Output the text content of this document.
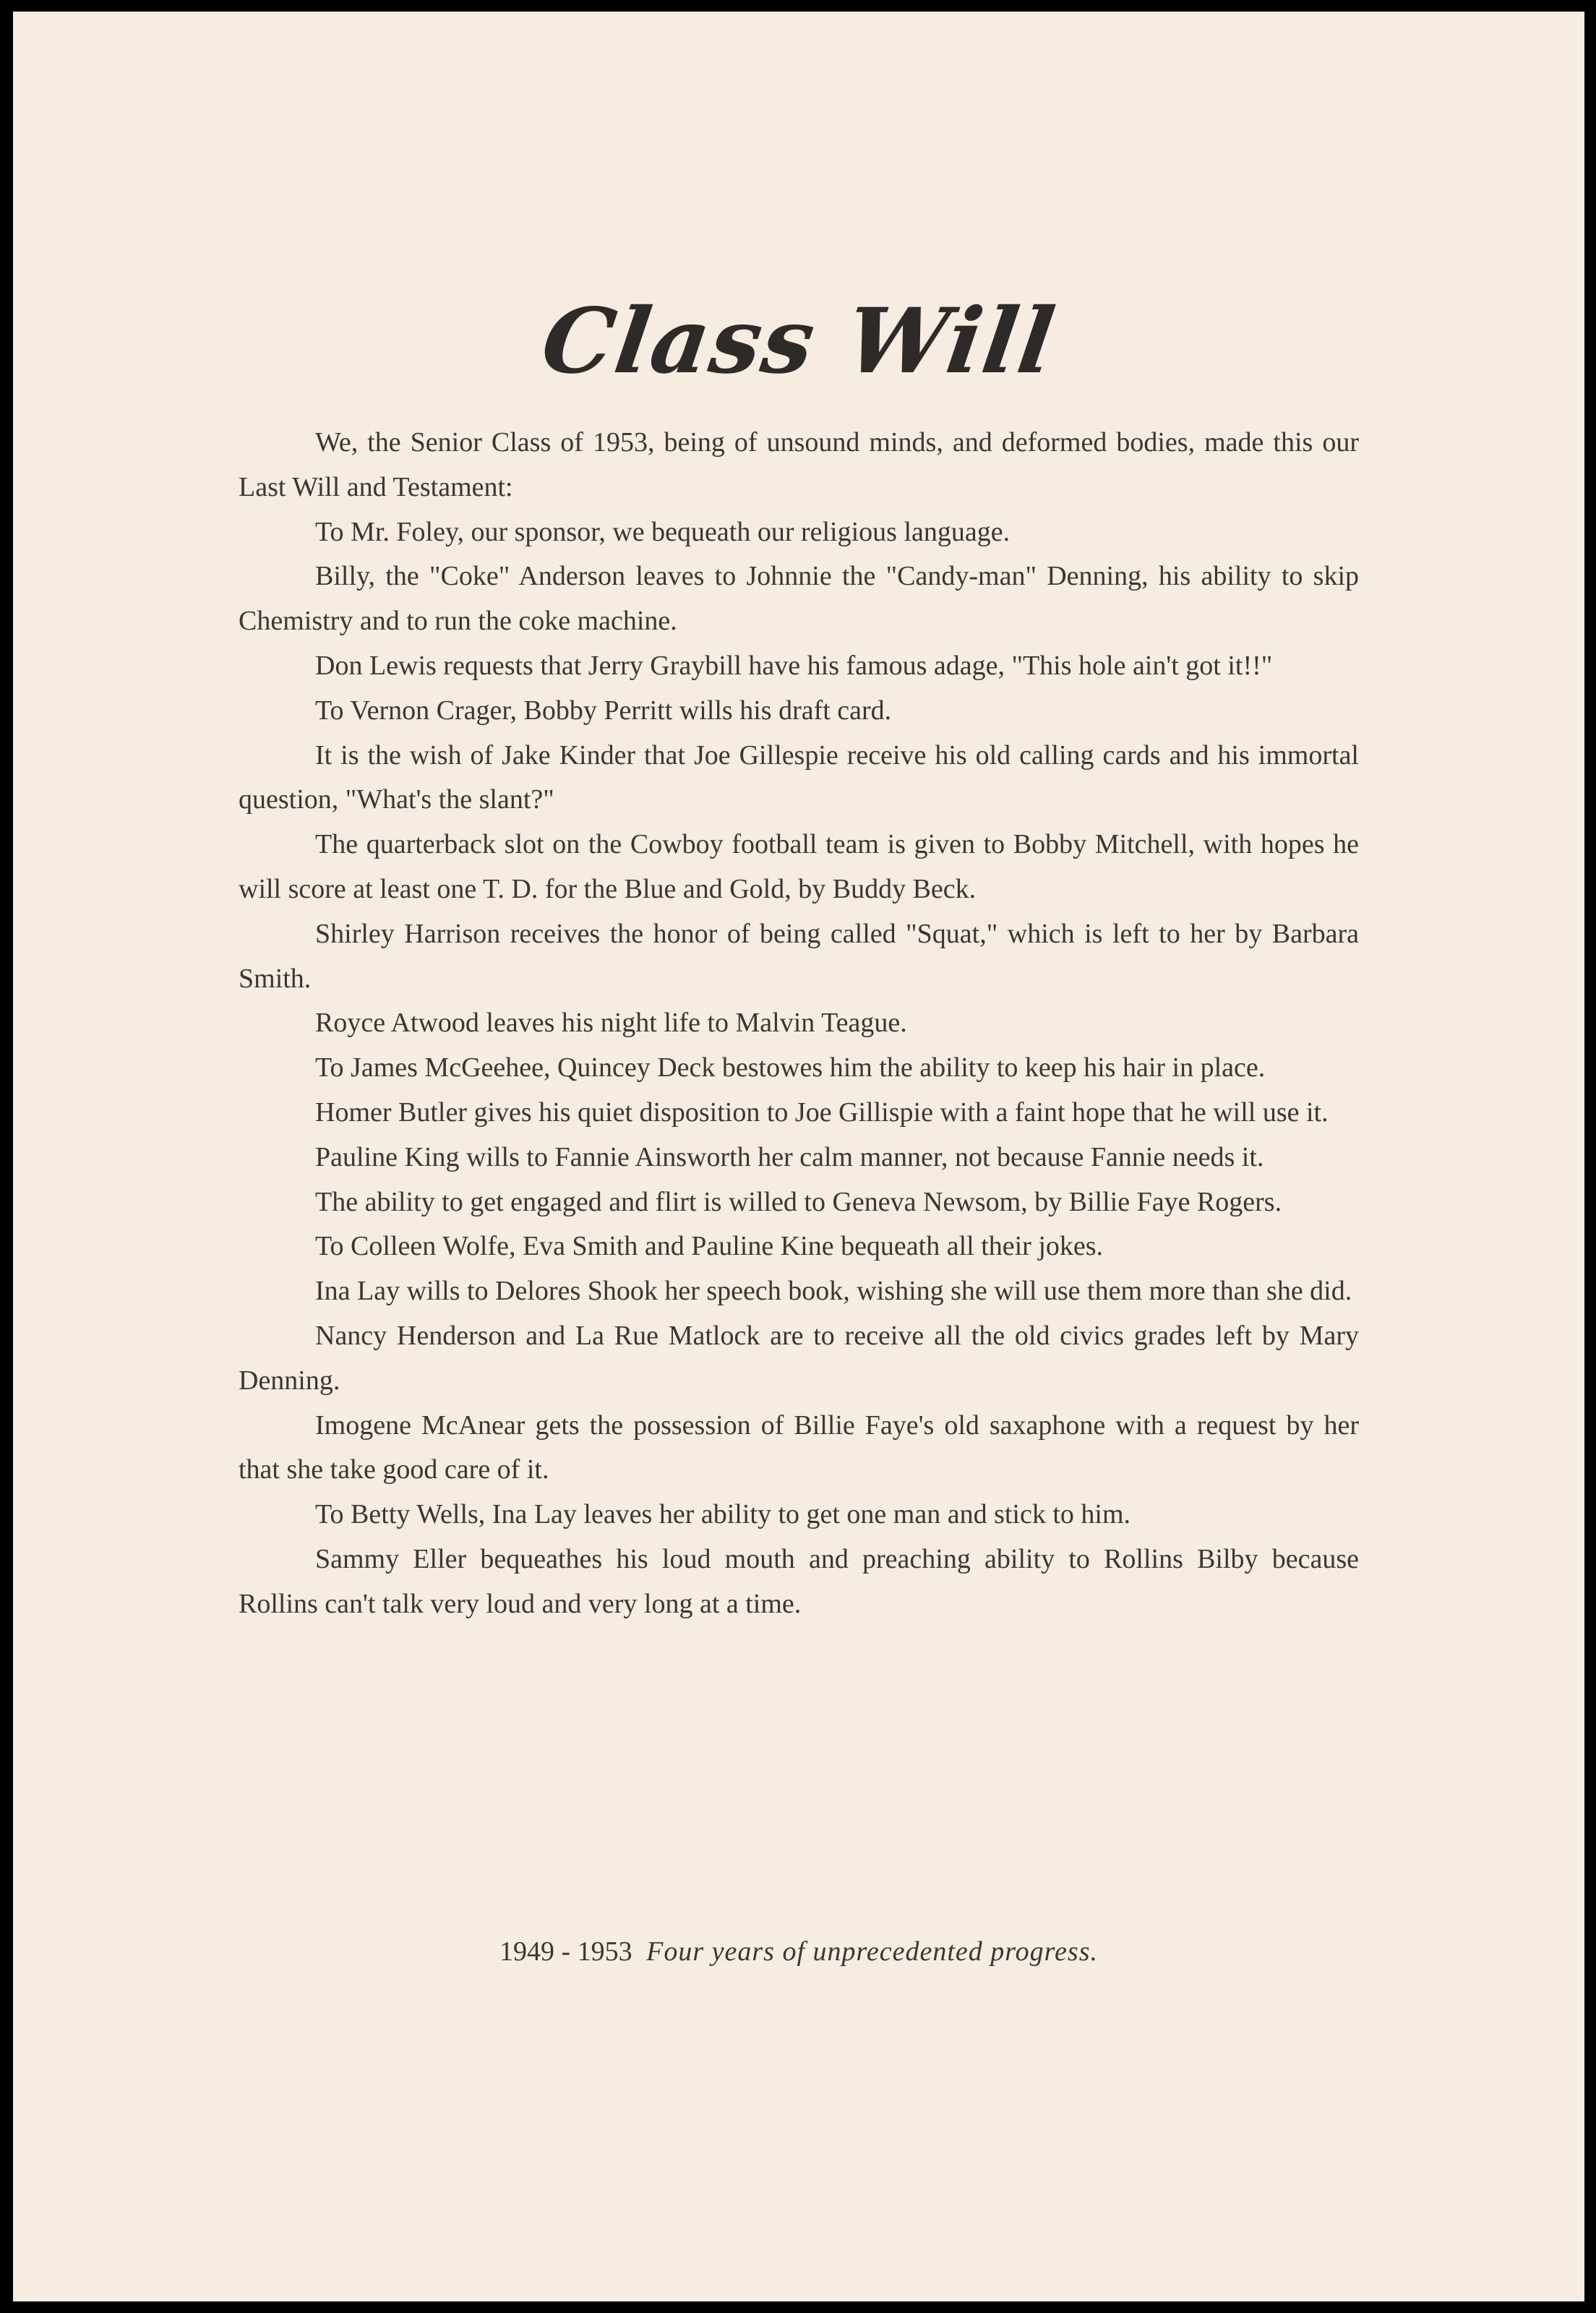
Class Will

We, the Senior Class of 1953, being of unsound minds, and deformed bodies, made this our Last Will and Testament:

To Mr. Foley, our sponsor, we bequeath our religious language.

Billy, the "Coke" Anderson leaves to Johnnie the "Candy-man" Denning, his ability to skip Chemistry and to run the coke machine.

Don Lewis requests that Jerry Graybill have his famous adage, "This hole ain't got it!!"

To Vernon Crager, Bobby Perritt wills his draft card.

It is the wish of Jake Kinder that Joe Gillespie receive his old calling cards and his immortal question, "What's the slant?"

The quarterback slot on the Cowboy football team is given to Bobby Mitchell, with hopes he will score at least one T. D. for the Blue and Gold, by Buddy Beck.

Shirley Harrison receives the honor of being called "Squat," which is left to her by Barbara Smith.

Royce Atwood leaves his night life to Malvin Teague.

To James McGeehee, Quincey Deck bestowes him the ability to keep his hair in place.

Homer Butler gives his quiet disposition to Joe Gillispie with a faint hope that he will use it.

Pauline King wills to Fannie Ainsworth her calm manner, not because Fannie needs it.

The ability to get engaged and flirt is willed to Geneva Newsom, by Billie Faye Rogers.

To Colleen Wolfe, Eva Smith and Pauline Kine bequeath all their jokes.

Ina Lay wills to Delores Shook her speech book, wishing she will use them more than she did.

Nancy Henderson and La Rue Matlock are to receive all the old civics grades left by Mary Denning.

Imogene McAnear gets the possession of Billie Faye's old saxaphone with a request by her that she take good care of it.

To Betty Wells, Ina Lay leaves her ability to get one man and stick to him.

Sammy Eller bequeathes his loud mouth and preaching ability to Rollins Bilby because Rollins can't talk very loud and very long at a time.

1949 - 1953 Four years of unprecedented progress.
